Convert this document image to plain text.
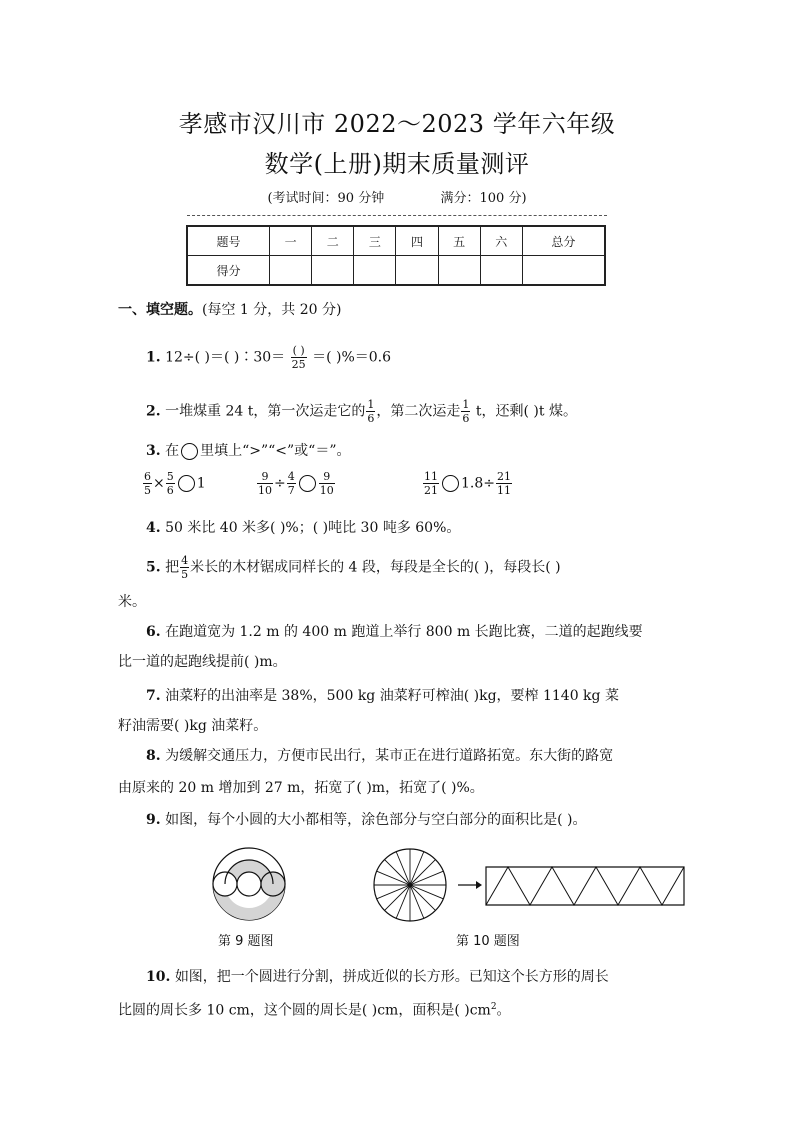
孝感市汉川市 2022～2023 学年六年级
数学(上册)期末质量测评
(考试时间：90 分钟	满分：100 分)
题号	一	二	三	四	五	六	总分
得分							
一、填空题。(每空 1 分，共 20 分)
1. 12÷( )＝( )∶30＝ $\frac{( )}{25}$ ＝( )%＝0.6
2. 一堆煤重 24 t，第一次运走它的 $\frac{1}{6}$ ，第二次运走 $\frac{1}{6}$ t，还剩( )t 煤。
3. 在 里填上“>”“<”或“＝”。
$\frac{6}{5} \times \frac{5}{6} 1$	$\frac{9}{10} \div \frac{4}{7} \frac{9}{10}$	$\frac{11}{21} 1.8\div \frac{21}{11}$
4. 50 米比 40 米多( )%；( )吨比 30 吨多 60%。
5. 把 $\frac{4}{5}$ 米长的木材锯成同样长的 4 段，每段是全长的( )，每段长( )
米。
6. 在跑道宽为 1.2 m 的 400 m 跑道上举行 800 m 长跑比赛，二道的起跑线要
比一道的起跑线提前( )m。
7. 油菜籽的出油率是 38%，500 kg 油菜籽可榨油( )kg，要榨 1140 kg 菜
籽油需要( )kg 油菜籽。
8. 为缓解交通压力，方便市民出行，某市正在进行道路拓宽。东大街的路宽
由原来的 20 m 增加到 27 m，拓宽了( )m，拓宽了( )%。
9. 如图，每个小圆的大小都相等，涂色部分与空白部分的面积比是( )。
第 9 题图	第 10 题图
10. 如图，把一个圆进行分割，拼成近似的长方形。已知这个长方形的周长
比圆的周长多 10 cm，这个圆的周长是( )cm，面积是( )$cm^2$。
